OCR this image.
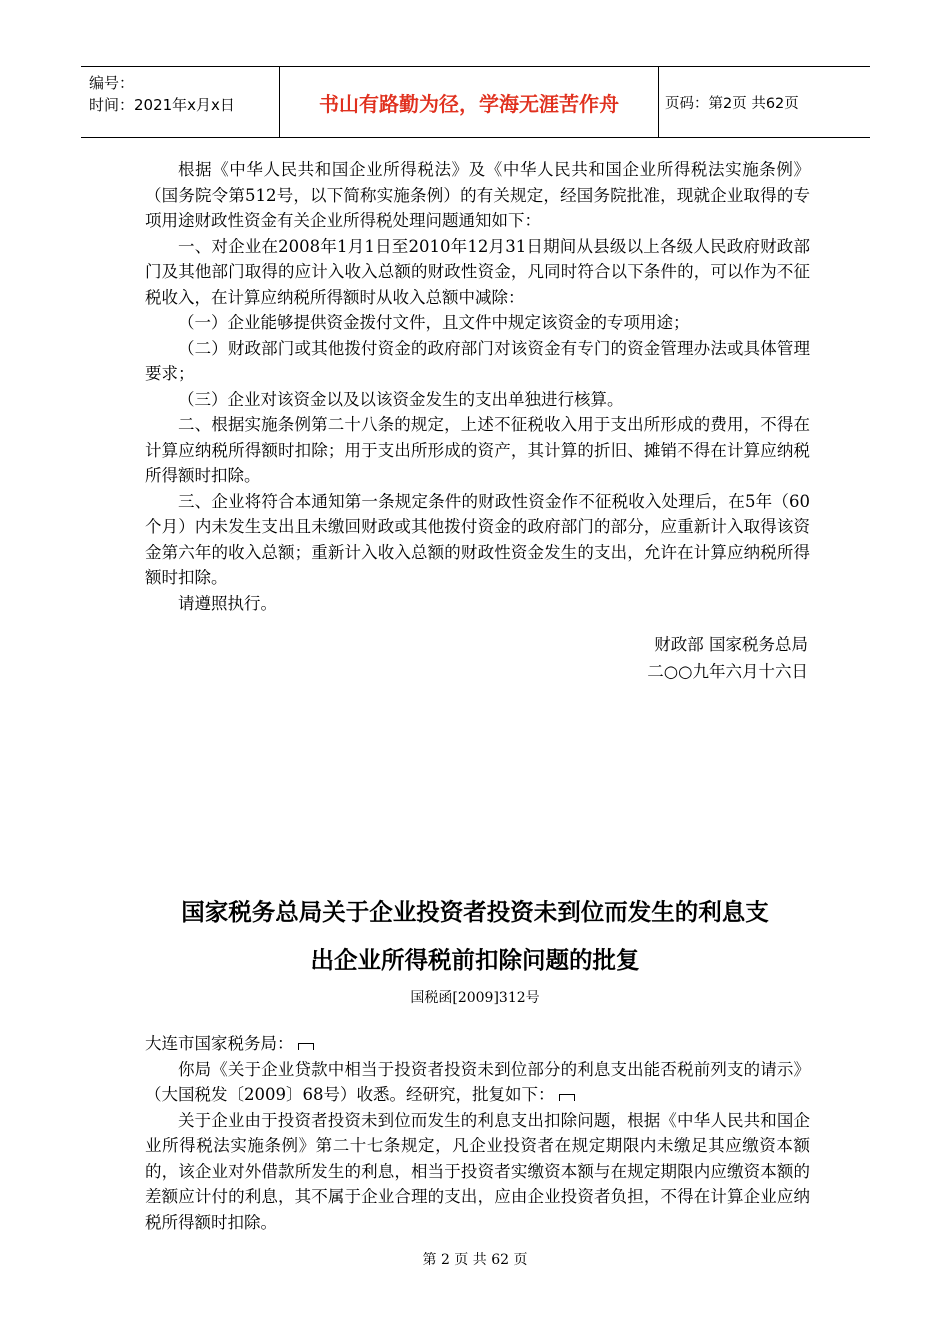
编号：
时间：2021年x月x日	书山有路勤为径，学海无涯苦作舟	页码：第2页 共62页

根据《中华人民共和国企业所得税法》及《中华人民共和国企业所得税法实施条例》（国务院令第512号，以下简称实施条例）的有关规定，经国务院批准，现就企业取得的专项用途财政性资金有关企业所得税处理问题通知如下：

一、对企业在2008年1月1日至2010年12月31日期间从县级以上各级人民政府财政部门及其他部门取得的应计入收入总额的财政性资金，凡同时符合以下条件的，可以作为不征税收入，在计算应纳税所得额时从收入总额中减除：

（一）企业能够提供资金拨付文件，且文件中规定该资金的专项用途；

（二）财政部门或其他拨付资金的政府部门对该资金有专门的资金管理办法或具体管理要求；

（三）企业对该资金以及以该资金发生的支出单独进行核算。

二、根据实施条例第二十八条的规定，上述不征税收入用于支出所形成的费用，不得在计算应纳税所得额时扣除；用于支出所形成的资产，其计算的折旧、摊销不得在计算应纳税所得额时扣除。

三、企业将符合本通知第一条规定条件的财政性资金作不征税收入处理后，在5年（60个月）内未发生支出且未缴回财政或其他拨付资金的政府部门的部分，应重新计入取得该资金第六年的收入总额；重新计入收入总额的财政性资金发生的支出，允许在计算应纳税所得额时扣除。

请遵照执行。

财政部 国家税务总局
二○○九年六月十六日
国家税务总局关于企业投资者投资未到位而发生的利息支
出企业所得税前扣除问题的批复
国税函[2009]312号

大连市国家税务局：

你局《关于企业贷款中相当于投资者投资未到位部分的利息支出能否税前列支的请示》（大国税发〔2009〕68号）收悉。经研究，批复如下：

关于企业由于投资者投资未到位而发生的利息支出扣除问题，根据《中华人民共和国企业所得税法实施条例》第二十七条规定，凡企业投资者在规定期限内未缴足其应缴资本额的，该企业对外借款所发生的利息，相当于投资者实缴资本额与在规定期限内应缴资本额的差额应计付的利息，其不属于企业合理的支出，应由企业投资者负担，不得在计算企业应纳税所得额时扣除。

第 2 页 共 62 页
